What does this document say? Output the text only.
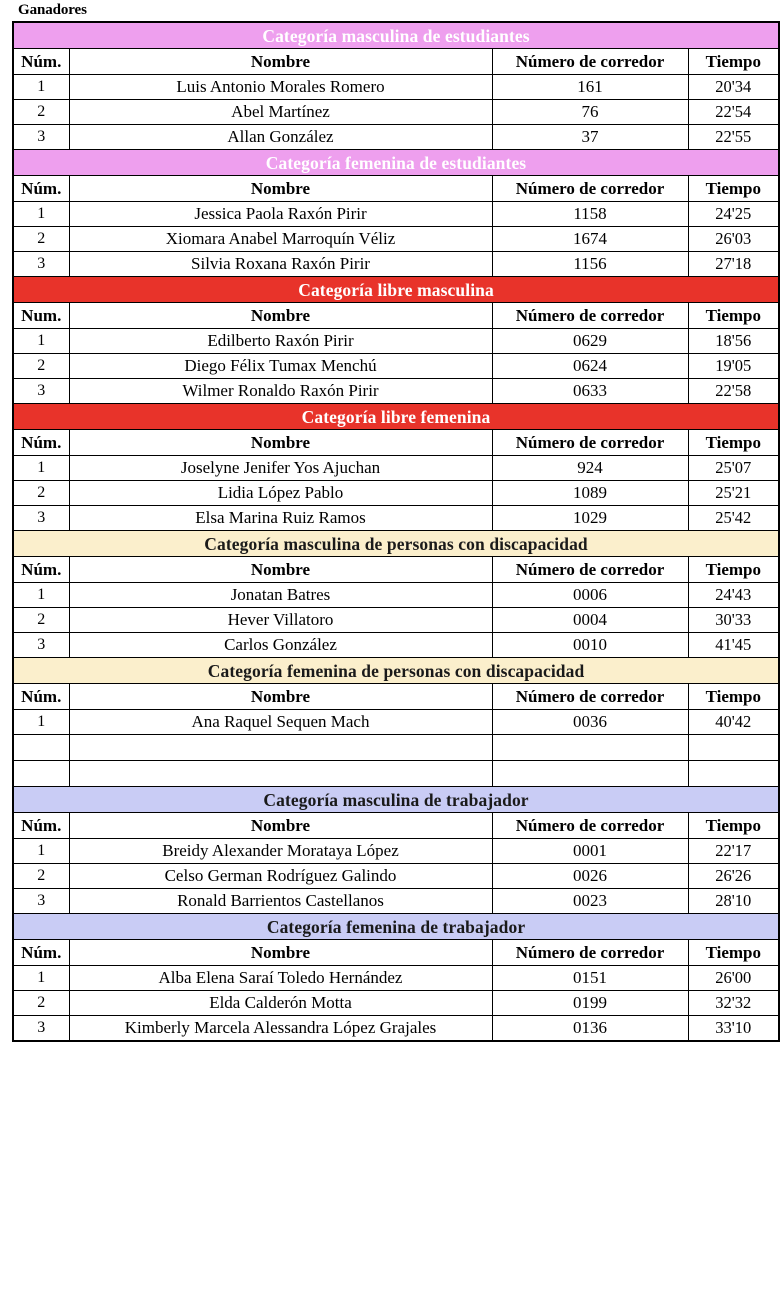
Ganadores
Categoría masculina de estudiantes			
Núm.	Nombre	Número de corredor	Tiempo
1	Luis Antonio Morales Romero	161	20'34
2	Abel Martínez	76	22'54
3	Allan González	37	22'55
Categoría femenina de estudiantes			
Núm.	Nombre	Número de corredor	Tiempo
1	Jessica Paola Raxón Pirir	1158	24'25
2	Xiomara Anabel Marroquín Véliz	1674	26'03
3	Silvia Roxana Raxón Pirir	1156	27'18
Categoría libre masculina			
Num.	Nombre	Número de corredor	Tiempo
1	Edilberto Raxón Pirir	0629	18'56
2	Diego Félix Tumax Menchú	0624	19'05
3	Wilmer Ronaldo Raxón Pirir	0633	22'58
Categoría libre femenina			
Núm.	Nombre	Número de corredor	Tiempo
1	Joselyne Jenifer Yos Ajuchan	924	25'07
2	Lidia López Pablo	1089	25'21
3	Elsa Marina Ruiz Ramos	1029	25'42
Categoría masculina de personas con discapacidad			
Núm.	Nombre	Número de corredor	Tiempo
1	Jonatan Batres	0006	24'43
2	Hever Villatoro	0004	30'33
3	Carlos González	0010	41'45
Categoría femenina de personas con discapacidad			
Núm.	Nombre	Número de corredor	Tiempo
1	Ana Raquel Sequen Mach	0036	40'42

Categoría masculina de trabajador			
Núm.	Nombre	Número de corredor	Tiempo
1	Breidy Alexander Morataya López	0001	22'17
2	Celso German Rodríguez Galindo	0026	26'26
3	Ronald Barrientos Castellanos	0023	28'10
Categoría femenina de trabajador			
Núm.	Nombre	Número de corredor	Tiempo
1	Alba Elena Saraí Toledo Hernández	0151	26'00
2	Elda Calderón Motta	0199	32'32
3	Kimberly Marcela Alessandra López Grajales	0136	33'10
